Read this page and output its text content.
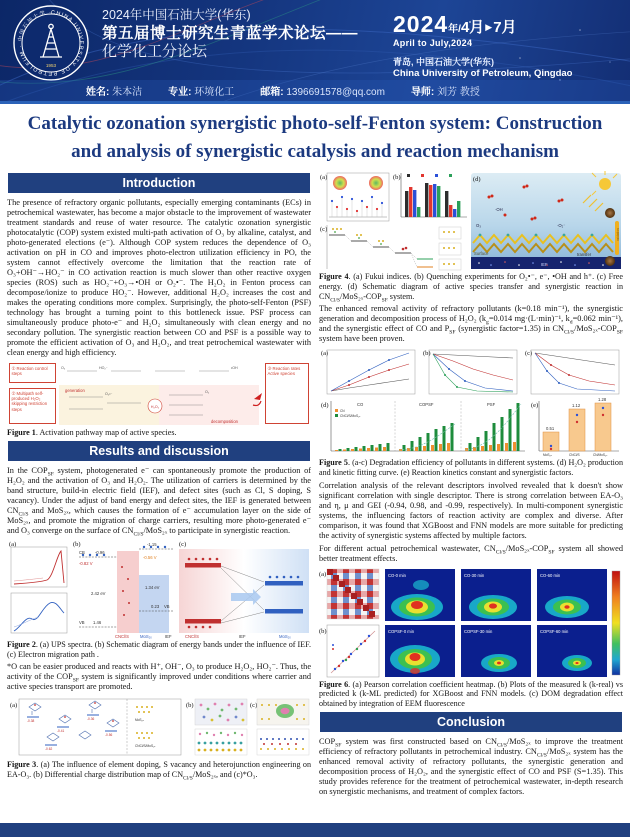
CHINA UNIVERSITY OF PETROLEUM · 中国石油大学 ·
1953
2024年中国石油大学(华东)
第五届博士研究生青蓝学术论坛——
化学化工分论坛
2024年/4月▶7月
April to July,2024
青岛, 中国石油大学(华东)
China University of Petroleum, Qingdao
姓名: 朱本洁	专业: 环境化工	邮箱: 1396691578@qq.com	导师: 刘芳 教授
Catalytic ozonation synergistic photo-self-Fenton system: Construction and analysis of synergistic catalysis and reaction mechanism
Introduction

The presence of refractory organic pollutants, especially emerging contaminants (ECs) in petrochemical wastewater, has become a major obstacle to the improvement of wastewater treatment standards and reuse of water resource. The catalytic ozonation synergistic photocatalytic (COP) system existed multi-path activation of O₃ by alkaline, catalyst, and photo-generated elections (e⁻). Although COP system reduces the dependence of O₃ activation on pH in CO and improves photo-electron utilization efficiency in PO, the system cannot effectively overcome the limitation that the reaction rate of O₃+OH⁻→HO₂⁻ in CO activation reaction is much slower than other reactive oxygen species (ROS) such as HO₂⁻+O₃→•OH or O₂•⁻. The H₂O₂ in Fenton process can decompose/ionize to produce HO₂⁻. However, additional H₂O₂ increases the cost and makes the operating conditions more complex. Surprisingly, the photo-self-Fenton (PSF) technology has brought a turning point to this bottleneck issue. PSF process can simultaneously produce photo-e⁻ and H₂O₂ simultaneously with clean energy and no secondary pollution. The synergistic reaction between CO and PSF is a possible way to promote the efficient activation of O₃ and H₂O₂, and treat petrochemical wastewater with clean energy and high efficiency.

O₃	HO₂⁻	•OH
O₂•⁻	O₂
H₂O₂
generation
decomposition
① Reaction control steps
② Multipath self-produced H₂O₂ skipping restriction steps
③ Reaction rates Active species
Figure 1. Activation pathway map of active species.
Results and discussion

In the $COP_{SF}$ system, photogenerated e⁻ can spontaneously promote the production of H₂O₂ and the activation of O₃ and H₂O₂. The utilization of carriers is determined by the band structure, build-in electric field (IEF), and defect sites (such as Cl, S doping, S vacancy). Under the adjust of band energy and defect sites, the IEF is generated between $CN_{Cl/S}$ and MoS₂ₓ, which causes the formation of e⁻ accumulation layer on the side of MoS₂ₓ, and promote the migration of charge carriers, resulting more photo-generated e⁻ and O₃ converge on the surface of $CN_{Cl/S}$/MoS₂ₓ to participate in synergistic reaction.

(a)	(b)
CB -0.96
-1.15
-0.82 V
-0.56 V
2.42 eV
1.34 eV
0.23 VB
VB 1.46
CNCl/S	MoS₂ₓ	IEF
(c)
CNCl/S	IEF	MoS₂ₓ
Figure 2. (a) UPS spectra. (b) Schematic diagram of energy bands under the influence of IEF. (c) Electron migration path .

*O can be easier produced and reacts with H⁺, OH⁻, O₃ to produce H₂O₂, HO₂⁻. Thus, the activity of the $COP_{SF}$ system is significantly improved under conditions where carrier and active species transport are promoted.

(a)
-0.38
-0.41
-0.36
-0.62
-0.56
MoS₂ₓ
CNCl/S/MoS₂ₓ
(b)	(c)
Figure 3. (a) The influence of element doping, S vacancy and heterojunction engineering on EA-O₃. (b) Differential charge distribution map of $CN_{Cl/S}$/MoS₂ₓ, and (c)*O₃.
(a)	(b)
(c)
(d)
·OH
O₃	·O₂⁻
Surface
IEF
transfer
oxidation
Figure 4. (a) Fukui indices. (b) Quenching experiments for O₂•⁻, e⁻, •OH and h⁺. (c) Free energy. (d) Schematic diagram of active species transfer and synergistic reaction in $CN_{Cl/S}/MoS_{2x}-COP_{SF}$ system.

The enhanced removal activity of refractory pollutants (k=0.18 min⁻¹), the synergistic generation and decomposition process of H₂O₂ ($k_g=0.014$ mg·(L·min)⁻¹, $k_d=0.062$ min⁻¹), and the synergistic effect of CO and $P_{SF}$ (synergistic factor=1.35) in $CN_{Cl/S}/MoS_{2x}-COP_{SF}$ system have been proven.

(a)	(b)	(c)
(d)	CO	COPSF	PSF
CN
CNCl/S/MoS₂ₓ
(e)
0.51
1.12
1.28
MoS₂ₓ	CNCl/S	CN/MoS₂ₓ
Figure 5. (a-c) Degradation efficiency of pollutants in different systems. (d) H₂O₂ production and kinetic fitting curve. (e) Reaction kinetics constant and synergistic factors.

Correlation analysis of the relevant descriptors involved revealed that k doesn't show significant correlation with single descriptor. There is strong correlation between EA-O₃ and η, μ and GEI (-0.94, 0.98, and -0.99, respectively). In multi-component synergistic systems, the influencing factors of reaction activity are complex and diverse. After comparison, it was found that XGBoost and FNN models are more suitable for predicting the activity of synergistic systems affected by multiple factors.

For different actual petrochemical wastewater, $CN_{Cl/S}/MoS_{2x}-COP_{SF}$ system all showed better treatment effects.

(a)
(b)
CO-0 min	CO-30 min	CO-60 min
COPSF-0 min	COPSF-30 min	COPSF-60 min
Figure 6. (a) Pearson correlation coefficient heatmap. (b) Plots of the measured k (k-real) vs predicted k (k-ML predicted) for XGBoost and FNN models. (c) DOM degradation effect obtained by integration of EEM fluorescence
Conclusion

$COP_{SF}$ system was first constructed based on $CN_{Cl/S}$/MoS₂ₓ to improve the treatment efficiency of refractory pollutants in petrochemical industry. $CN_{Cl/S}$/MoS₂ₓ system has the enhanced removal activity of refractory pollutants, the synergistic generation and decomposition process of H₂O₂, and the synergistic effect of CO and PSF (S=1.35). This study provides reference for the treatment of petrochemical wastewater, in-depth research on synergistic mechanisms, and treatment of complex factors.
